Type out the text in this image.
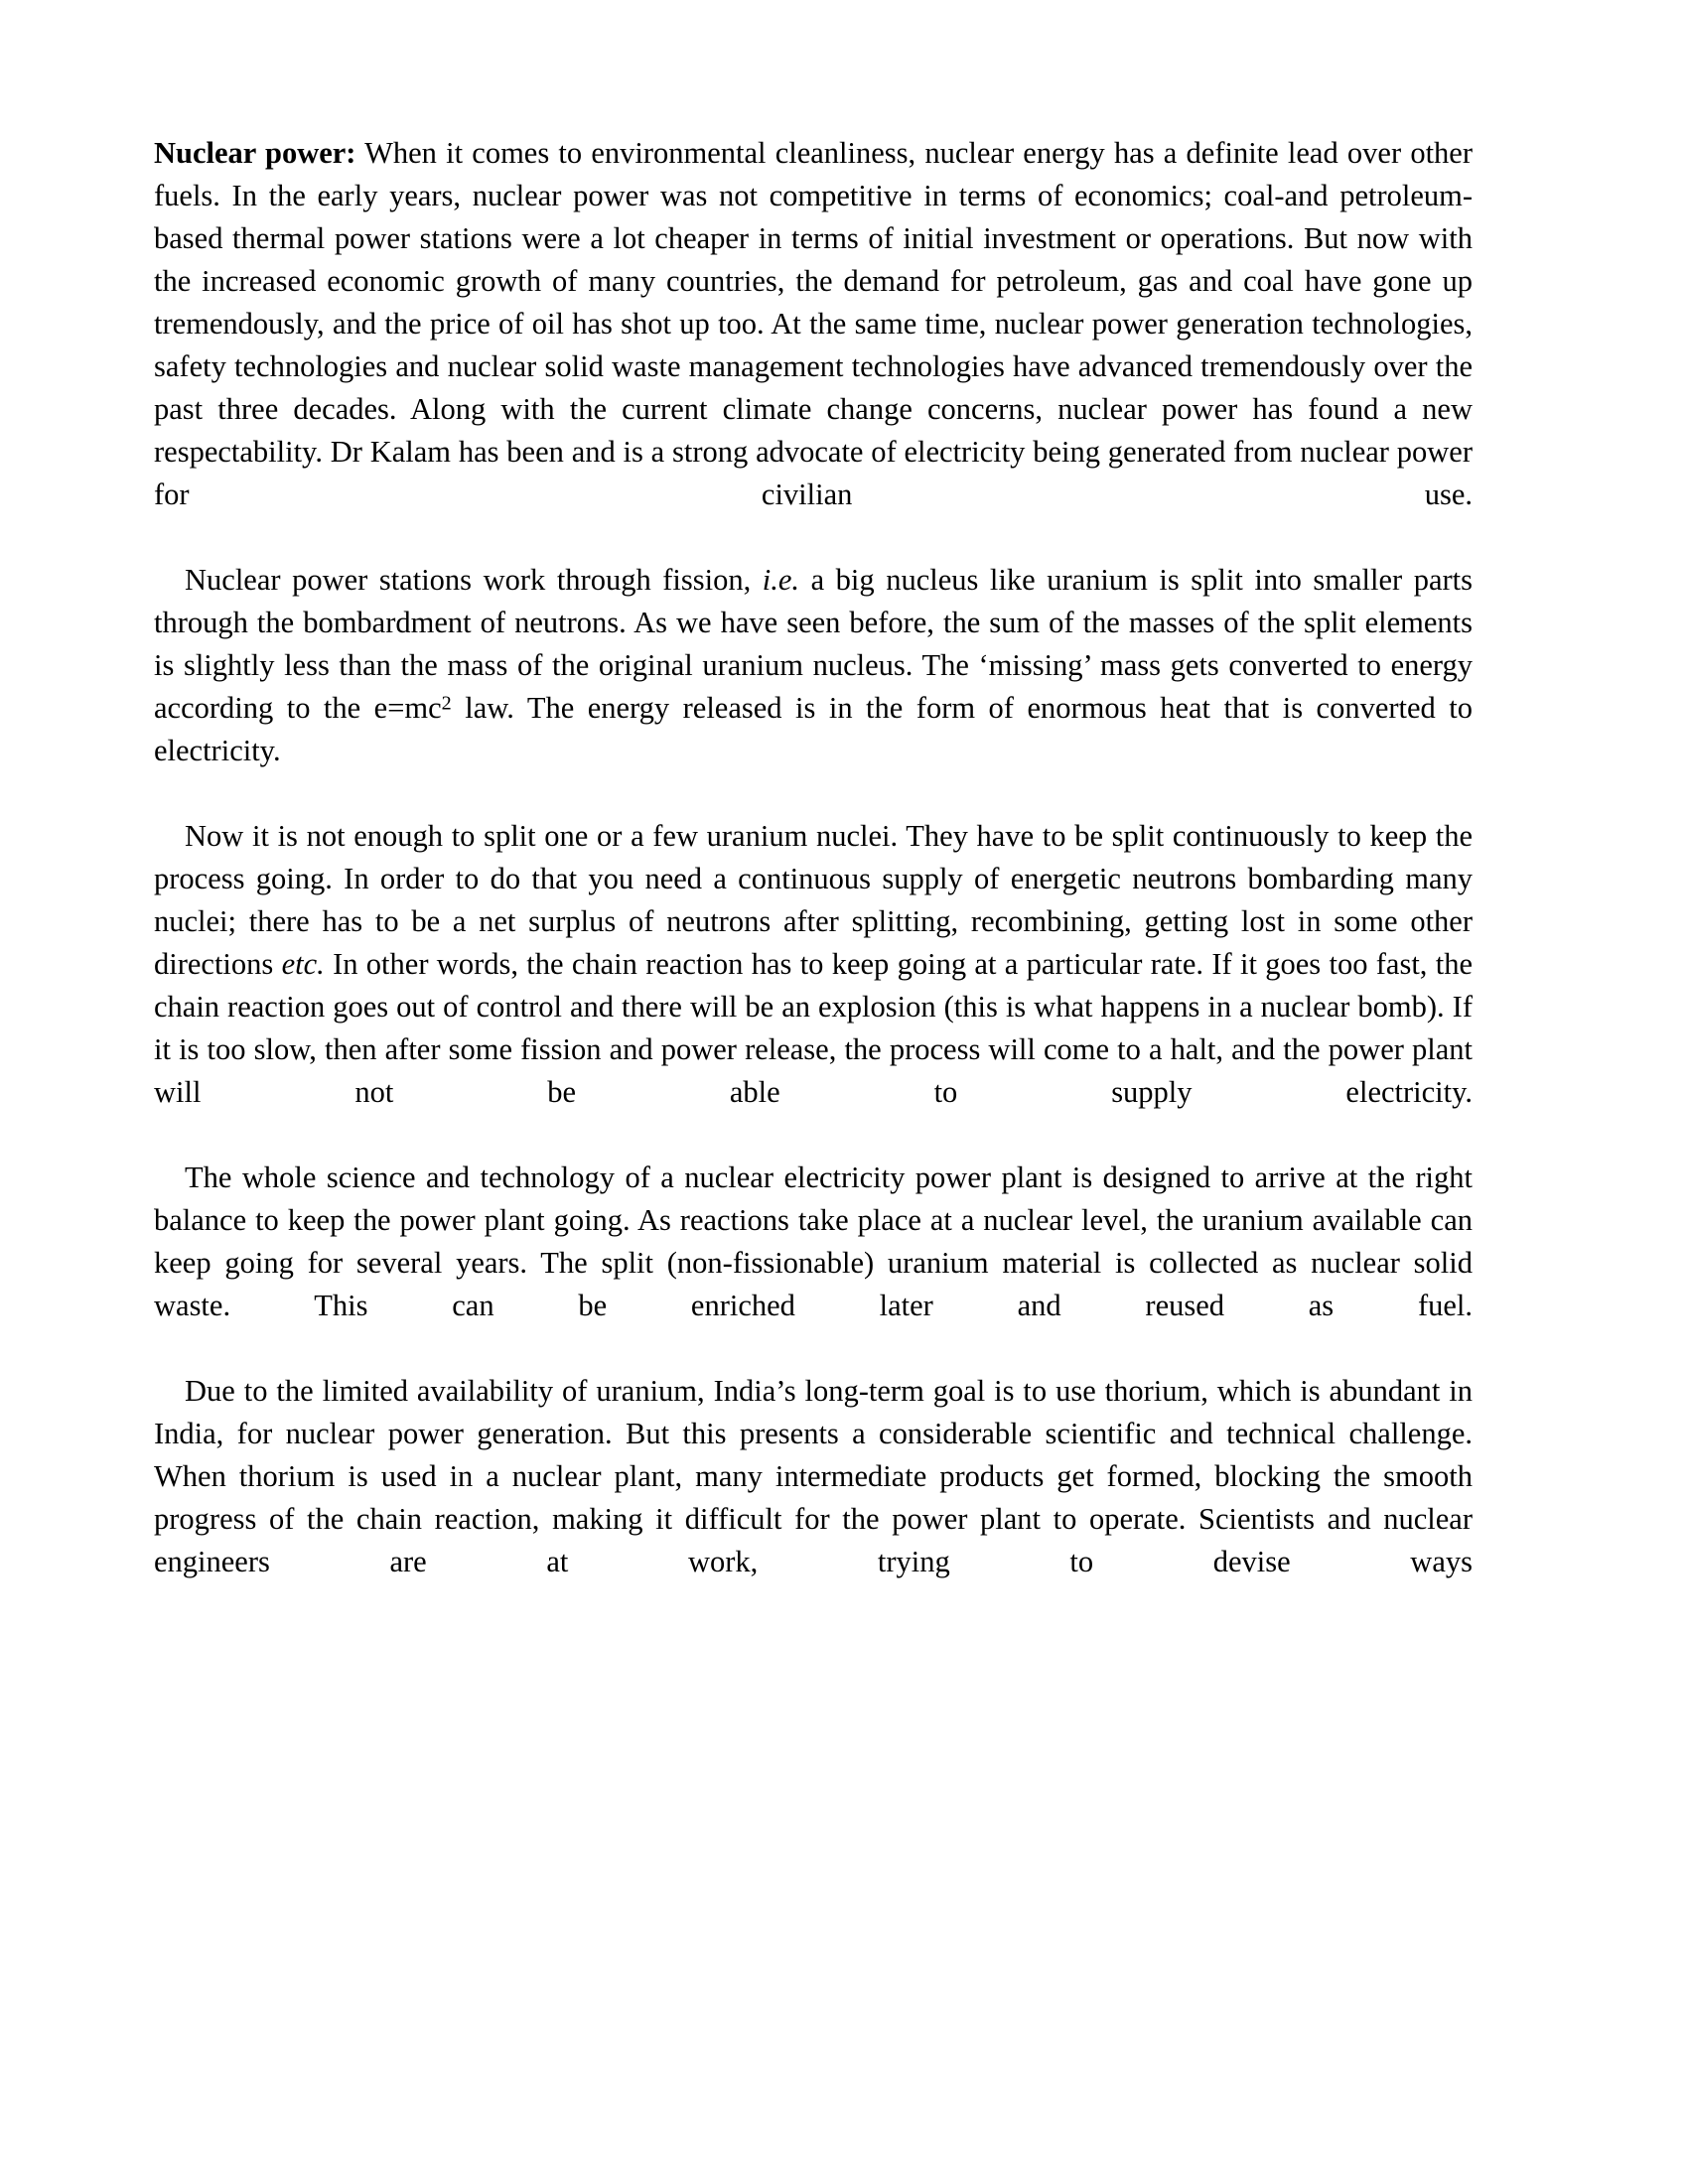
Nuclear power: When it comes to environmental cleanliness, nuclear energy has a definite lead over other fuels. In the early years, nuclear power was not competitive in terms of economics; coal-and petroleum-based thermal power stations were a lot cheaper in terms of initial investment or operations. But now with the increased economic growth of many countries, the demand for petroleum, gas and coal have gone up tremendously, and the price of oil has shot up too. At the same time, nuclear power generation technologies, safety technologies and nuclear solid waste management technologies have advanced tremendously over the past three decades. Along with the current climate change concerns, nuclear power has found a new respectability. Dr Kalam has been and is a strong advocate of electricity being generated from nuclear power for civilian use.

Nuclear power stations work through fission, i.e. a big nucleus like uranium is split into smaller parts through the bombardment of neutrons. As we have seen before, the sum of the masses of the split elements is slightly less than the mass of the original uranium nucleus. The ‘missing’ mass gets converted to energy according to the $e=mc^2$ law. The energy released is in the form of enormous heat that is converted to electricity.

Now it is not enough to split one or a few uranium nuclei. They have to be split continuously to keep the process going. In order to do that you need a continuous supply of energetic neutrons bombarding many nuclei; there has to be a net surplus of neutrons after splitting, recombining, getting lost in some other directions etc. In other words, the chain reaction has to keep going at a particular rate. If it goes too fast, the chain reaction goes out of control and there will be an explosion (this is what happens in a nuclear bomb). If it is too slow, then after some fission and power release, the process will come to a halt, and the power plant will not be able to supply electricity.

The whole science and technology of a nuclear electricity power plant is designed to arrive at the right balance to keep the power plant going. As reactions take place at a nuclear level, the uranium available can keep going for several years. The split (non-fissionable) uranium material is collected as nuclear solid waste. This can be enriched later and reused as fuel.

Due to the limited availability of uranium, India’s long-term goal is to use thorium, which is abundant in India, for nuclear power generation. But this presents a considerable scientific and technical challenge. When thorium is used in a nuclear plant, many intermediate products get formed, blocking the smooth progress of the chain reaction, making it difficult for the power plant to operate. Scientists and nuclear engineers are at work, trying to devise ways
